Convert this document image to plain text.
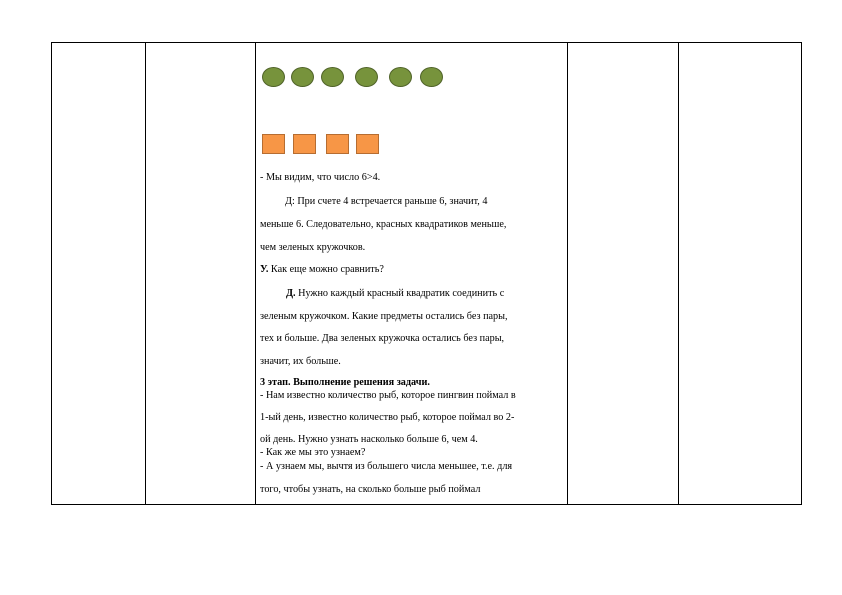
- Мы видим, что число 6>4.
Д: При счете 4 встречается раньше 6, значит, 4
меньше 6. Следовательно, красных квадратиков меньше,
чем зеленых кружочков.
У. Как еще можно сравнить?
Д. Нужно каждый красный квадратик соединить с
зеленым кружочком. Какие предметы остались без пары,
тех и больше. Два зеленых кружочка остались без пары,
значит, их больше.
3 этап. Выполнение решения задачи.
- Нам известно количество рыб, которое пингвин поймал в
1-ый день, известно количество рыб, которое поймал во 2-
ой день. Нужно узнать насколько больше 6, чем 4.
- Как же мы это узнаем?
- А узнаем мы, вычтя из большего числа меньшее, т.е. для
того, чтобы узнать, на сколько больше рыб поймал
